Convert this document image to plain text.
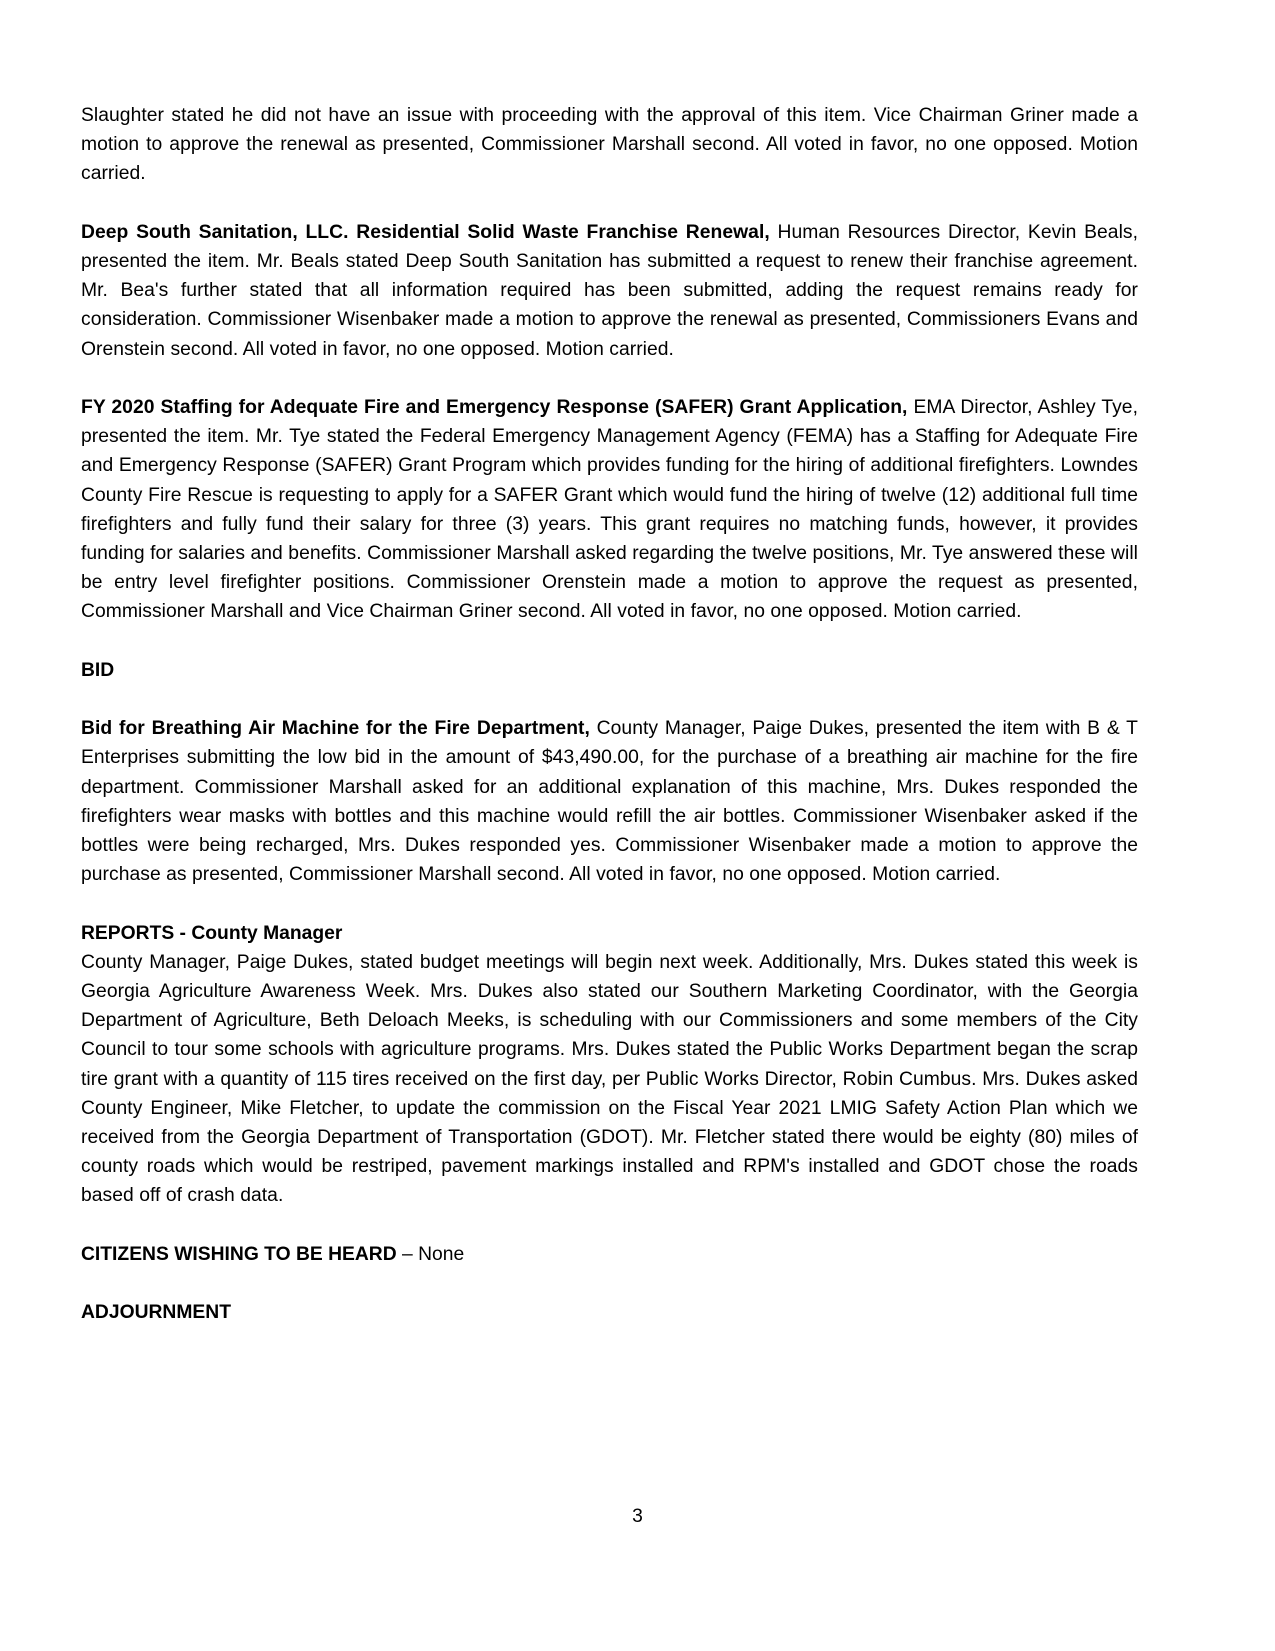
Slaughter stated he did not have an issue with proceeding with the approval of this item. Vice Chairman Griner made a motion to approve the renewal as presented, Commissioner Marshall second. All voted in favor, no one opposed. Motion carried.

Deep South Sanitation, LLC. Residential Solid Waste Franchise Renewal, Human Resources Director, Kevin Beals, presented the item. Mr. Beals stated Deep South Sanitation has submitted a request to renew their franchise agreement. Mr. Bea's further stated that all information required has been submitted, adding the request remains ready for consideration. Commissioner Wisenbaker made a motion to approve the renewal as presented, Commissioners Evans and Orenstein second. All voted in favor, no one opposed. Motion carried.

FY 2020 Staffing for Adequate Fire and Emergency Response (SAFER) Grant Application, EMA Director, Ashley Tye, presented the item. Mr. Tye stated the Federal Emergency Management Agency (FEMA) has a Staffing for Adequate Fire and Emergency Response (SAFER) Grant Program which provides funding for the hiring of additional firefighters. Lowndes County Fire Rescue is requesting to apply for a SAFER Grant which would fund the hiring of twelve (12) additional full time firefighters and fully fund their salary for three (3) years. This grant requires no matching funds, however, it provides funding for salaries and benefits. Commissioner Marshall asked regarding the twelve positions, Mr. Tye answered these will be entry level firefighter positions. Commissioner Orenstein made a motion to approve the request as presented, Commissioner Marshall and Vice Chairman Griner second. All voted in favor, no one opposed. Motion carried.

BID

Bid for Breathing Air Machine for the Fire Department, County Manager, Paige Dukes, presented the item with B & T Enterprises submitting the low bid in the amount of $43,490.00, for the purchase of a breathing air machine for the fire department. Commissioner Marshall asked for an additional explanation of this machine, Mrs. Dukes responded the firefighters wear masks with bottles and this machine would refill the air bottles. Commissioner Wisenbaker asked if the bottles were being recharged, Mrs. Dukes responded yes. Commissioner Wisenbaker made a motion to approve the purchase as presented, Commissioner Marshall second. All voted in favor, no one opposed. Motion carried.

REPORTS - County Manager

County Manager, Paige Dukes, stated budget meetings will begin next week. Additionally, Mrs. Dukes stated this week is Georgia Agriculture Awareness Week. Mrs. Dukes also stated our Southern Marketing Coordinator, with the Georgia Department of Agriculture, Beth Deloach Meeks, is scheduling with our Commissioners and some members of the City Council to tour some schools with agriculture programs. Mrs. Dukes stated the Public Works Department began the scrap tire grant with a quantity of 115 tires received on the first day, per Public Works Director, Robin Cumbus. Mrs. Dukes asked County Engineer, Mike Fletcher, to update the commission on the Fiscal Year 2021 LMIG Safety Action Plan which we received from the Georgia Department of Transportation (GDOT). Mr. Fletcher stated there would be eighty (80) miles of county roads which would be restriped, pavement markings installed and RPM's installed and GDOT chose the roads based off of crash data.

CITIZENS WISHING TO BE HEARD – None

ADJOURNMENT

3
